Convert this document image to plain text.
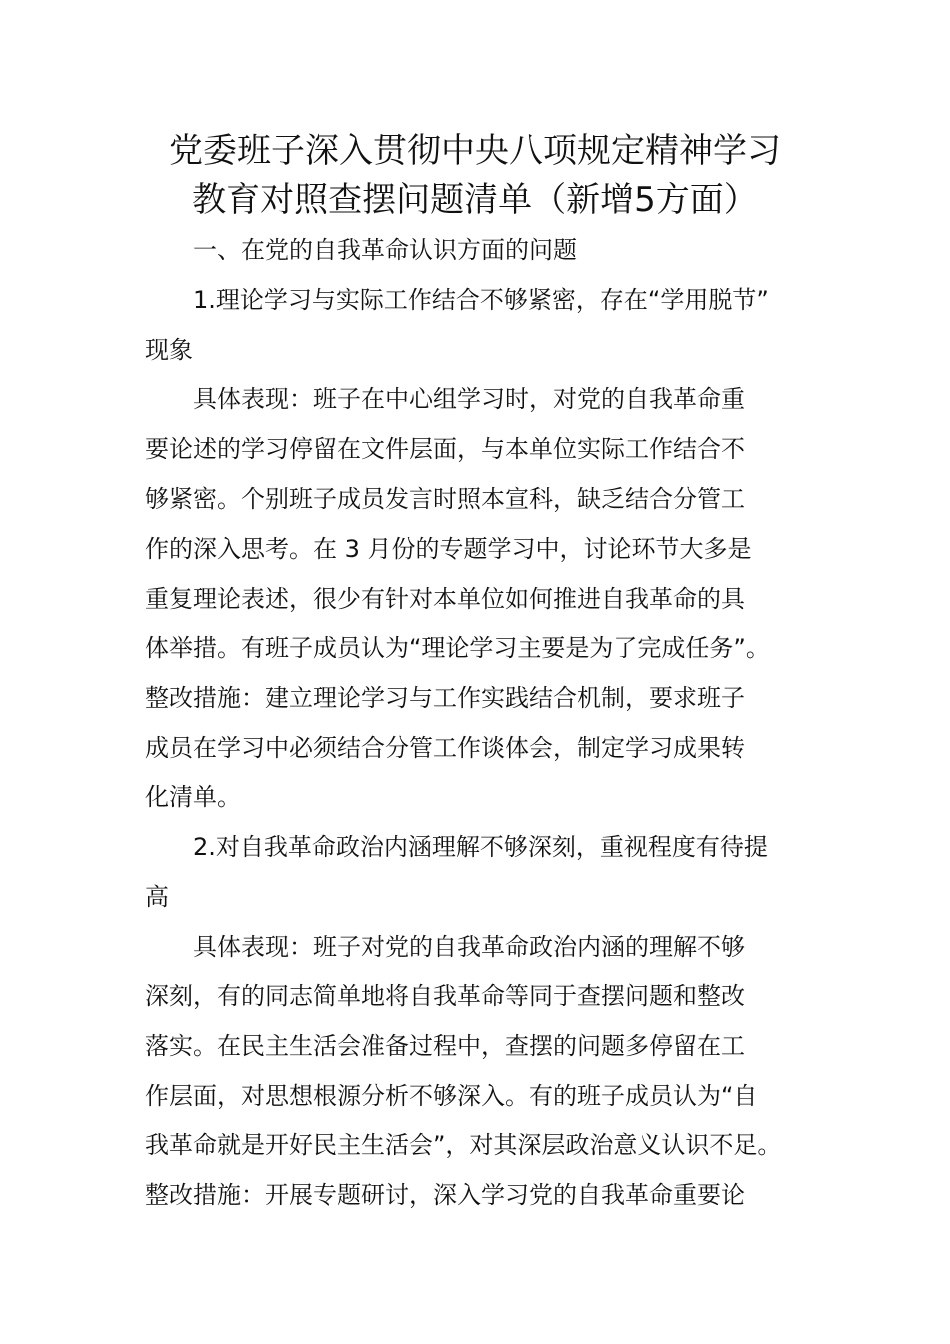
党委班子深入贯彻中央八项规定精神学习
教育对照查摆问题清单（新增5方面）

一、在党的自我革命认识方面的问题

1.理论学习与实际工作结合不够紧密，存在“学用脱节”

现象

具体表现：班子在中心组学习时，对党的自我革命重

要论述的学习停留在文件层面，与本单位实际工作结合不

够紧密。个别班子成员发言时照本宣科，缺乏结合分管工

作的深入思考。在 3 月份的专题学习中，讨论环节大多是

重复理论表述，很少有针对本单位如何推进自我革命的具

体举措。有班子成员认为“理论学习主要是为了完成任务”。

整改措施：建立理论学习与工作实践结合机制，要求班子

成员在学习中必须结合分管工作谈体会，制定学习成果转

化清单。

2.对自我革命政治内涵理解不够深刻，重视程度有待提

高

具体表现：班子对党的自我革命政治内涵的理解不够

深刻，有的同志简单地将自我革命等同于查摆问题和整改

落实。在民主生活会准备过程中，查摆的问题多停留在工

作层面，对思想根源分析不够深入。有的班子成员认为“自

我革命就是开好民主生活会”，对其深层政治意义认识不足。

整改措施：开展专题研讨，深入学习党的自我革命重要论
